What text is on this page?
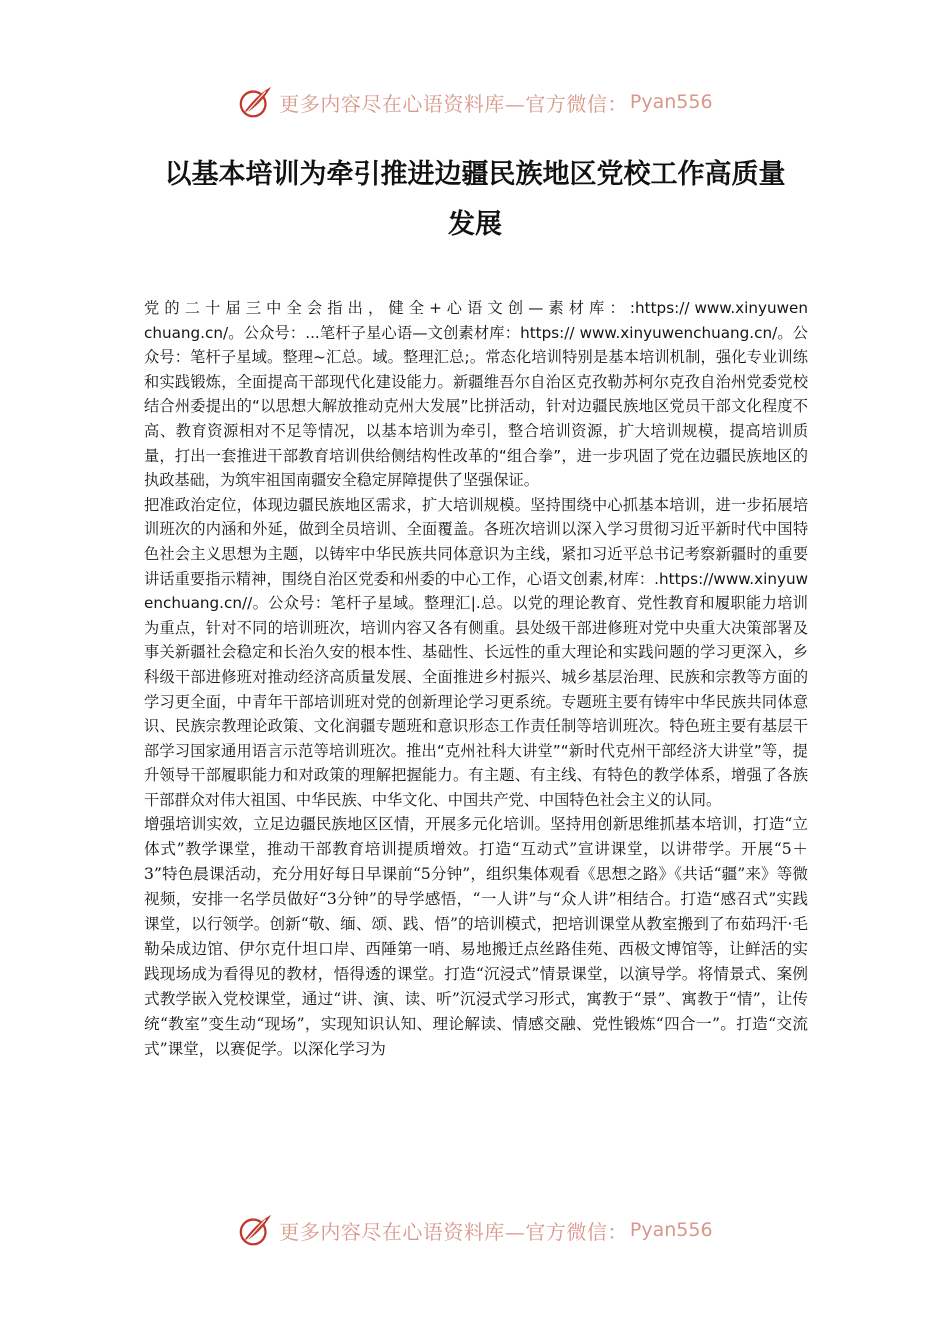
更多内容尽在心语资料库—官方微信： Pyan556
以基本培训为牵引推进边疆民族地区党校工作高质量
发展

党 的 二 十 届 三 中 全 会 指 出 ， 健 全 + 心 语 文 创 — 素 材 库 ： :https:// www.xinyuwenchuang.cn/。公众号：...笔杆子星心语—文创素材库：https:// www.xinyuwenchuang.cn/。公众号：笔杆子星域。整理~汇总。域。整理汇总;。常态化培训特别是基本培训机制，强化专业训练和实践锻炼，全面提高干部现代化建设能力。新疆维吾尔自治区克孜勒苏柯尔克孜自治州党委党校结合州委提出的“以思想大解放推动克州大发展”比拼活动，针对边疆民族地区党员干部文化程度不高、教育资源相对不足等情况，以基本培训为牵引，整合培训资源，扩大培训规模，提高培训质量，打出一套推进干部教育培训供给侧结构性改革的“组合拳”，进一步巩固了党在边疆民族地区的执政基础，为筑牢祖国南疆安全稳定屏障提供了坚强保证。

把准政治定位，体现边疆民族地区需求，扩大培训规模。坚持围绕中心抓基本培训，进一步拓展培训班次的内涵和外延，做到全员培训、全面覆盖。各班次培训以深入学习贯彻习近平新时代中国特色社会主义思想为主题，以铸牢中华民族共同体意识为主线，紧扣习近平总书记考察新疆时的重要讲话重要指示精神，围绕自治区党委和州委的中心工作，心语文创素,材库：.https://www.xinyuwenchuang.cn//。公众号：笔杆子星域。整理汇|.总。以党的理论教育、党性教育和履职能力培训为重点，针对不同的培训班次，培训内容又各有侧重。县处级干部进修班对党中央重大决策部署及事关新疆社会稳定和长治久安的根本性、基础性、长远性的重大理论和实践问题的学习更深入，乡科级干部进修班对推动经济高质量发展、全面推进乡村振兴、城乡基层治理、民族和宗教等方面的学习更全面，中青年干部培训班对党的创新理论学习更系统。专题班主要有铸牢中华民族共同体意识、民族宗教理论政策、文化润疆专题班和意识形态工作责任制等培训班次。特色班主要有基层干部学习国家通用语言示范等培训班次。推出“克州社科大讲堂”“新时代克州干部经济大讲堂”等，提升领导干部履职能力和对政策的理解把握能力。有主题、有主线、有特色的教学体系，增强了各族干部群众对伟大祖国、中华民族、中华文化、中国共产党、中国特色社会主义的认同。

增强培训实效，立足边疆民族地区区情，开展多元化培训。坚持用创新思维抓基本培训，打造“立体式”教学课堂，推动干部教育培训提质增效。打造“互动式”宣讲课堂，以讲带学。开展“5＋3”特色晨课活动，充分用好每日早课前“5分钟”，组织集体观看《思想之路》《共话“疆”来》等微视频，安排一名学员做好“3分钟”的导学感悟，“一人讲”与“众人讲”相结合。打造“感召式”实践课堂，以行领学。创新“敬、缅、颂、践、悟”的培训模式，把培训课堂从教室搬到了布茹玛汗·毛勒朵成边馆、伊尔克什坦口岸、西陲第一哨、易地搬迁点丝路佳苑、西极文博馆等，让鲜活的实践现场成为看得见的教材，悟得透的课堂。打造“沉浸式”情景课堂，以演导学。将情景式、案例式教学嵌入党校课堂，通过“讲、演、读、听”沉浸式学习形式，寓教于“景”、寓教于“情”，让传统“教室”变生动“现场”，实现知识认知、理论解读、情感交融、党性锻炼“四合一”。打造“交流式”课堂，以赛促学。以深化学习为

更多内容尽在心语资料库—官方微信： Pyan556
